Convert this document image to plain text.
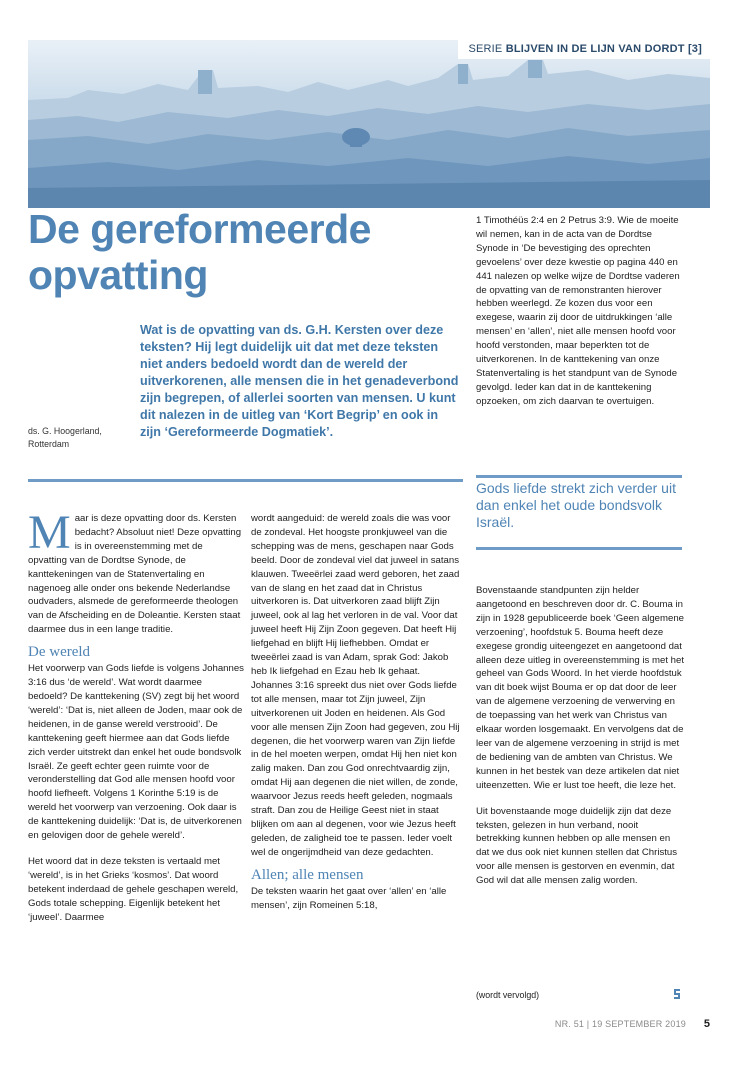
SERIE BLIJVEN IN DE LIJN VAN DORDT [3]
De gereformeerde opvatting
Wat is de opvatting van ds. G.H. Kersten over deze teksten? Hij legt duidelijk uit dat met deze teksten niet anders bedoeld wordt dan de wereld der uitverkorenen, alle mensen die in het genadeverbond zijn begrepen, of allerlei soorten van mensen. U kunt dit nalezen in de uitleg van ‘Kort Begrip’ en ook in zijn ‘Gereformeerde Dogmatiek’.
ds. G. Hoogerland,
Rotterdam

1 Timothéüs 2:4 en 2 Petrus 3:9. Wie de moeite wil nemen, kan in de acta van de Dordtse Synode in ‘De bevestiging des oprechten gevoelens’ over deze kwestie op pagina 440 en 441 nalezen op welke wijze de Dordtse vaderen de opvatting van de remonstranten hierover hebben weerlegd. Ze kozen dus voor een exegese, waarin zij door de uitdrukkingen ‘alle mensen’ en ‘allen’, niet alle mensen hoofd voor hoofd verstonden, maar beperkten tot de uitverkorenen. In de kanttekening van onze Statenvertaling is het standpunt van de Synode gevolgd. Ieder kan dat in de kanttekening opzoeken, om zich daarvan te overtuigen.

Maar is deze opvatting door ds. Kersten bedacht? Absoluut niet! Deze opvatting is in overeenstemming met de opvatting van de Dordtse Synode, de kanttekeningen van de Statenvertaling en nagenoeg alle onder ons bekende Nederlandse oudvaders, alsmede de gereformeerde theologen van de Afscheiding en de Doleantie. Kersten staat daarmee dus in een lange traditie.

De wereld

Het voorwerp van Gods liefde is volgens Johannes 3:16 dus ‘de wereld’. Wat wordt daarmee bedoeld? De kanttekening (SV) zegt bij het woord ‘wereld’: ‘Dat is, niet alleen de Joden, maar ook de heidenen, in de ganse wereld verstrooid’. De kanttekening geeft hiermee aan dat Gods liefde zich verder uitstrekt dan enkel het oude bondsvolk Israël. Ze geeft echter geen ruimte voor de veronderstelling dat God alle mensen hoofd voor hoofd liefheeft. Volgens 1 Korinthe 5:19 is de wereld het voorwerp van verzoening. Ook daar is de kanttekening duidelijk: ‘Dat is, de uitverkorenen en gelovigen door de gehele wereld’.

Het woord dat in deze teksten is vertaald met ‘wereld’, is in het Grieks ‘kosmos’. Dat woord betekent inderdaad de gehele geschapen wereld, Gods totale schepping. Eigenlijk betekent het ‘juweel’. Daarmee

wordt aangeduid: de wereld zoals die was voor de zondeval. Het hoogste pronkjuweel van die schepping was de mens, geschapen naar Gods beeld. Door de zondeval viel dat juweel in satans klauwen. Tweeërlei zaad werd geboren, het zaad van de slang en het zaad dat in Christus uitverkoren is. Dat uitverkoren zaad blijft Zijn juweel, ook al lag het verloren in de val. Voor dat juweel heeft Hij Zijn Zoon gegeven. Dat heeft Hij liefgehad en blijft Hij liefhebben. Omdat er tweeërlei zaad is van Adam, sprak God: Jakob heb Ik liefgehad en Ezau heb Ik gehaat.

Johannes 3:16 spreekt dus niet over Gods liefde tot alle mensen, maar tot Zijn juweel, Zijn uitverkorenen uit Joden en heidenen. Als God voor alle mensen Zijn Zoon had gegeven, zou Hij degenen, die het voorwerp waren van Zijn liefde in de hel moeten werpen, omdat Hij hen niet kon zalig maken. Dan zou God onrechtvaardig zijn, omdat Hij aan degenen die niet willen, de zonde, waarvoor Jezus reeds heeft geleden, nogmaals straft. Dan zou de Heilige Geest niet in staat blijken om aan al degenen, voor wie Jezus heeft geleden, de zaligheid toe te passen. Ieder voelt wel de ongerijmdheid van deze gedachten.

Allen; alle mensen

De teksten waarin het gaat over ‘allen’ en ‘alle mensen’, zijn Romeinen 5:18,

Gods liefde strekt zich verder uit dan enkel het oude bondsvolk Israël.

Bovenstaande standpunten zijn helder aangetoond en beschreven door dr. C. Bouma in zijn in 1928 gepubliceerde boek ‘Geen algemene verzoening’, hoofdstuk 5. Bouma heeft deze exegese grondig uiteengezet en aangetoond dat alleen deze uitleg in overeenstemming is met het geheel van Gods Woord. In het vierde hoofdstuk van dit boek wijst Bouma er op dat door de leer van de algemene verzoening de verwerving en de toepassing van het werk van Christus van elkaar worden losgemaakt. En vervolgens dat de leer van de algemene verzoening in strijd is met de bediening van de ambten van Christus. We kunnen in het bestek van deze artikelen dat niet uiteenzetten. Wie er lust toe heeft, die leze het.

Uit bovenstaande moge duidelijk zijn dat deze teksten, gelezen in hun verband, nooit betrekking kunnen hebben op alle mensen en dat we dus ook niet kunnen stellen dat Christus voor alle mensen is gestorven en evenmin, dat God wil dat alle mensen zalig worden.

(wordt vervolgd)
NR. 51 | 19 SEPTEMBER 2019 5
